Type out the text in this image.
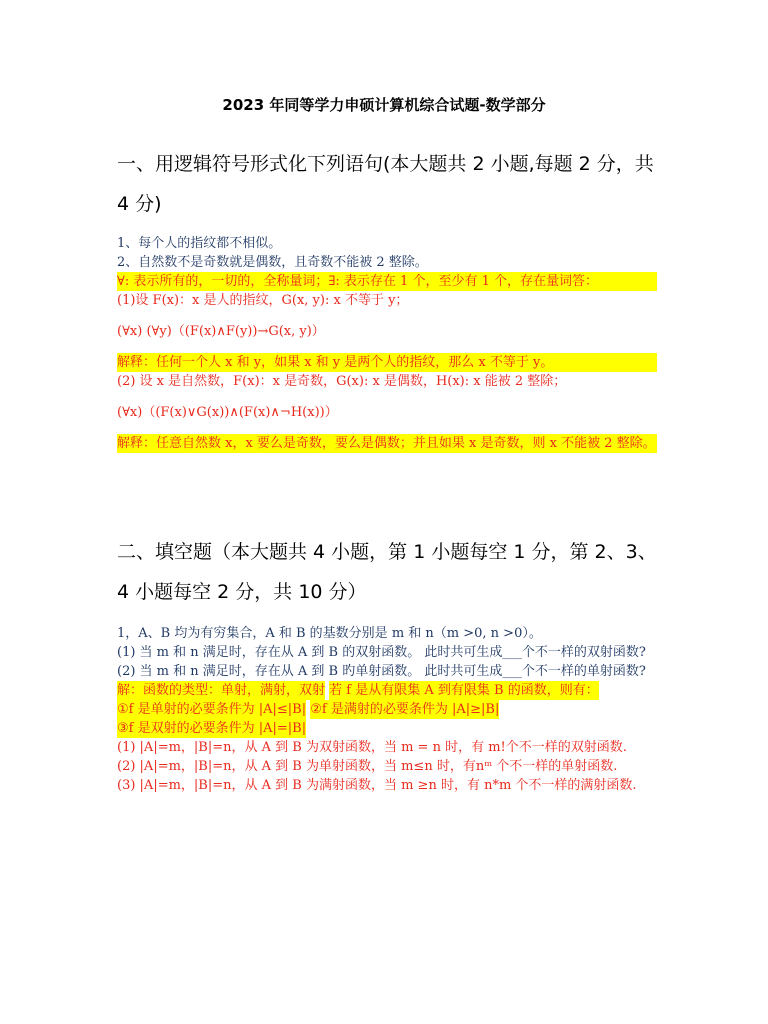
2023 年同等学力申硕计算机综合试题-数学部分
一、用逻辑符号形式化下列语句(本大题共 2 小题,每题 2 分，共 4 分)
1、每个人的指纹都不相似。
2、自然数不是奇数就是偶数，且奇数不能被 2 整除。
∀: 表示所有的，一切的，全称量词；∃: 表示存在 1 个，至少有 1 个，存在量词答：
(1)设 F(x)：x 是人的指纹，G(x, y): x 不等于 y；
(∀x) (∀y)（(F(x)∧F(y))→G(x, y)）
解释：任何一个人 x 和 y，如果 x 和 y 是两个人的指纹，那么 x 不等于 y。
(2) 设 x 是自然数，F(x)：x 是奇数，G(x): x 是偶数，H(x): x 能被 2 整除；
(∀x)（(F(x)∨G(x))∧(F(x)∧¬H(x))）
解释：任意自然数 x，x 要么是奇数，要么是偶数；并且如果 x 是奇数，则 x 不能被 2 整除。
二、填空题（本大题共 4 小题，第 1 小题每空 1 分，第 2、3、4 小题每空 2 分，共 10 分）
1，A、B 均为有穷集合，A 和 B 的基数分别是 m 和 n（m >0, n >0）。
(1) 当 m 和 n 满足时，存在从 A 到 B 的双射函数。 此时共可生成___个不一样的双射函数?
(2) 当 m 和 n 满足时，存在从 A 到 B 旳单射函数。 此时共可生成___个不一样的单射函数?
解：函数的类型：单射，满射，双射 若 f 是从有限集 A 到有限集 B 的函数，则有： ①f 是单射的必要条件为 |A|≤|B| ②f 是满射的必要条件为 |A|≥|B| ③f 是双射的必要条件为 |A|=|B|
(1) |A|=m，|B|=n，从 A 到 B 为双射函数，当 m = n 时，有 m!个不一样的双射函数.
(2) |A|=m，|B|=n，从 A 到 B 为单射函数，当 m≤n 时，有nᵐ 个不一样的单射函数.
(3) |A|=m，|B|=n，从 A 到 B 为满射函数，当 m ≥n 时，有 n*m 个不一样的满射函数.
